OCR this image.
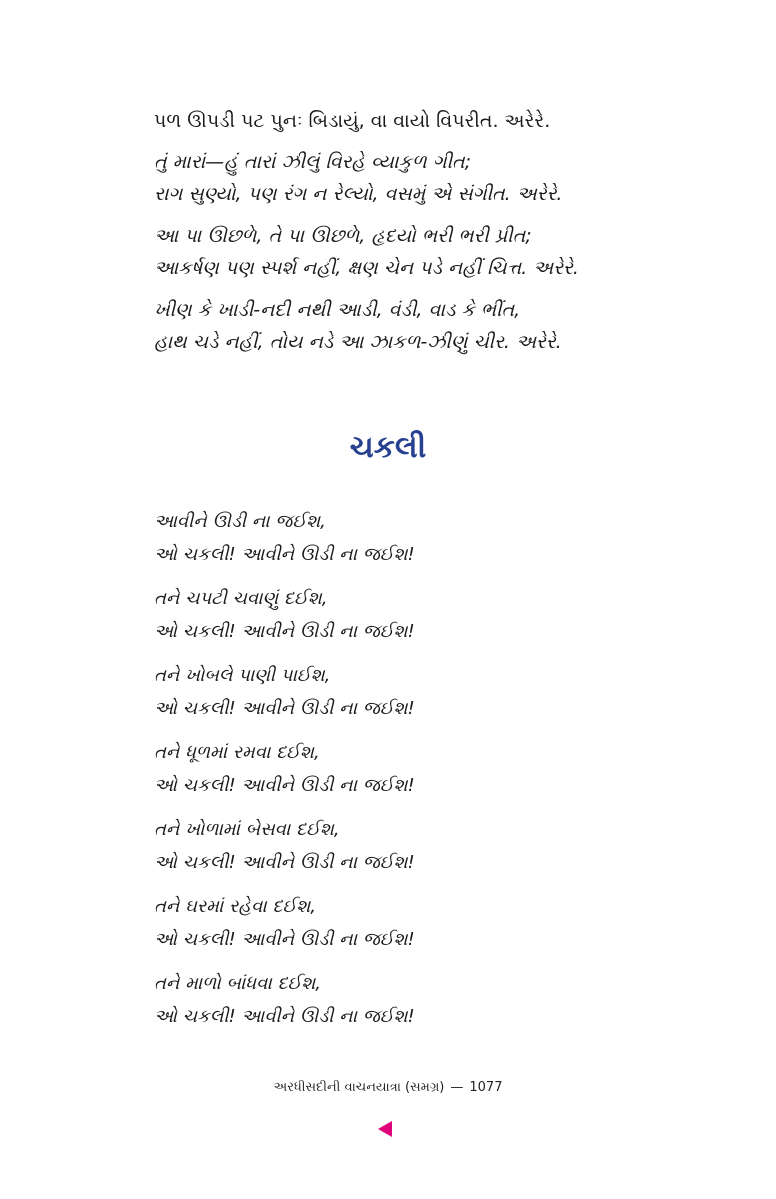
પળ ઊપડી પટ પુનઃ બિડાયું, વા વાયો વિપરીત. અરેરે.
તું મારાં—હું તારાં ઝીલું વિરહે વ્યાકુળ ગીત;
રાગ સુણ્યો, પણ રંગ ન રેલ્યો, વસમું એ સંગીત. અરેરે.
આ પા ઊછળે, તે પા ઊછળે, હૃદયો ભરી ભરી પ્રીત;
આકર્ષણ પણ સ્પર્શ નહીં, ક્ષણ ચેન પડે નહીં ચિત્ત. અરેરે.
ખીણ કે ખાડી-નદી નથી આડી, વંડી, વાડ કે ભીંત,
હાથ ચડે નહીં, તોય નડે આ ઝાકળ-ઝીણું ચીર. અરેરે.
ચકલી
આવીને ઊડી ના જઈશ,
ઓ ચકલી! આવીને ઊડી ના જઈશ!
તને ચપટી ચવાણું દઈશ,
ઓ ચકલી! આવીને ઊડી ના જઈશ!
તને ખોબલે પાણી પાઈશ,
ઓ ચકલી! આવીને ઊડી ના જઈશ!
તને ધૂળમાં રમવા દઈશ,
ઓ ચકલી! આવીને ઊડી ના જઈશ!
તને ખોળામાં બેસવા દઈશ,
ઓ ચકલી! આવીને ઊડી ના જઈશ!
તને ઘરમાં રહેવા દઈશ,
ઓ ચકલી! આવીને ઊડી ના જઈશ!
તને માળો બાંધવા દઈશ,
ઓ ચકલી! આવીને ઊડી ના જઈશ!
અરધીસદીની વાચનયાત્રા (સમગ્ર) — 1077
